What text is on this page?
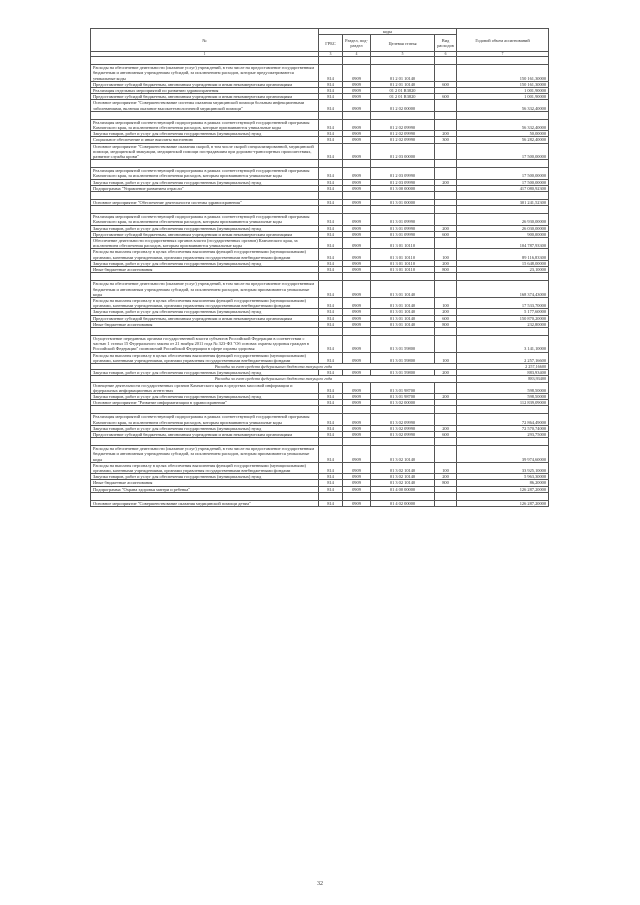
№	коды				Годовой объем ассигнований
	ГРБС	Раздел, под-раздел	Целевая статья	Вид расходов	
1	3	4	5	6	7

Расходы на обеспечение деятельности (оказание услуг) учреждений, в том числе на предоставление государственным бюджетным и автономным учреждениям субсидий, за исключением расходов, которые предусматриваются уникальные коды	814	0909	01 2 01 10140		150 161,30000
Предоставление субсидий бюджетным, автономным учреждениям и иным некоммерческим организациям	814	0909	01 2 01 10140	600	150 161,30000
Реализация отдельных мероприятий по развитию здравоохранения	814	0909	01 2 01 R3820		1 001,90000
Предоставление субсидий бюджетным, автономным учреждениям и иным некоммерческим организациям	814	0909	01 2 01 R3820	600	1 001,90000
Основное мероприятие "Совершенствование системы оказания медицинской помощи больным инфекционными заболеваниями, включая оказание высокотехнологичной медицинской помощи"	814	0909	01 2 02 00000		56 332,40000

Реализация мероприятий соответствующей подпрограммы в рамках соответствующей государственной программы Камчатского края, за исключением обеспечения расходов, которые присваиваются уникальные коды	814	0909	01 2 02 09990		56 332,40000
Закупка товаров, работ и услуг для обеспечения государственных (муниципальных) нужд	814	0909	01 2 02 09990	200	50,00000
Социальное обеспечение и иные выплаты населению	814	0909	01 2 02 09990	300	56 282,40000
Основное мероприятие "Совершенствование оказания скорой, в том числе скорой специализированной, медицинской помощи, медицинской эвакуации, медицинской помощи пострадавшим при дорожно-транспортных происшествиях, развитие службы крови"	814	0909	01 2 03 00000		17 500,00000

Реализация мероприятий соответствующей подпрограммы в рамках соответствующей государственной программы Камчатского края, за исключением обеспечения расходов, которым присваиваются уникальные коды	814	0909	01 2 03 09990		17 500,00000
Закупка товаров, работ и услуг для обеспечения государственных (муниципальных) нужд	814	0909	01 2 03 09990	200	17 500,00000
Подпрограмма "Управление развитием отрасли"	814	0909	01 3 00 00000		417 080,92300

Основное мероприятие "Обеспечение деятельности системы здравоохранения"	814	0909	01 3 01 00000		301 241,52300

Реализация мероприятий соответствующей подпрограммы в рамках соответствующей государственной программы Камчатского края, за исключением обеспечения расходов, которым присваиваются уникальные коды	814	0909	01 3 01 09990		26 930,00000
Закупка товаров, работ и услуг для обеспечения государственных (муниципальных) нужд	814	0909	01 3 01 09990	200	26 030,00000
Предоставление субсидий бюджетным, автономным учреждениям и иным некоммерческим организациям	814	0909	01 3 01 09990	600	900,00000
Обеспечение деятельности государственных органов власти (государственных органов) Камчатского края, за исключением обеспечения расходов, которым присваиваются уникальные коды	814	0909	01 3 01 10110		104 787,93300
Расходы на выплаты персоналу в целях обеспечения выполнения функций государственными (муниципальными) органами, казенными учреждениями, органами управления государственными внебюджетными фондами	814	0909	01 3 01 10110	100	89 116,83300
Закупка товаров, работ и услуг для обеспечения государственных (муниципальных) нужд	814	0909	01 3 01 10110	200	15 648,00000
Иные бюджетные ассигнования	814	0909	01 3 01 10110	800	23,10000

Расходы на обеспечение деятельности (оказание услуг) учреждений, в том числе на предоставление государственным бюджетным и автономным учреждениям субсидий, за исключением расходов, которым присваиваются уникальные коды	814	0909	01 3 01 10140		168 374,43000
Расходы на выплаты персоналу в целях обеспечения выполнения функций государственными (муниципальными) органами, казенными учреждениями, органами управления государственными внебюджетными фондами	814	0909	01 3 01 10140	100	17 533,70000
Закупка товаров, работ и услуг для обеспечения государственных (муниципальных) нужд	814	0909	01 3 01 10140	200	5 177,60000
Предоставление субсидий бюджетным, автономным учреждениям и иным некоммерческим организациям	814	0909	01 3 01 10140	600	150 870,20000
Иные бюджетные ассигнования	814	0909	01 3 01 10140	800	232,80000

Осуществление переданных органам государственной власти субъектов Российской Федерации в соответствии с частью 1 статьи 15 Федерального закона от 21 ноября 2011 года № 323-ФЗ "Об основах охраны здоровья граждан в Российской Федерации" полномочий Российской Федерации в сфере охраны здоровья	814	0909	01 3 01 59800		3 141,10000
Расходы на выплаты персоналу в целях обеспечения выполнения функций государственными (муниципальными) органами, казенными учреждениями, органами управления государственными внебюджетными фондами	814	0909	01 3 01 59800	100	2 257,16600
Расходы за счет средств федерального бюджета текущего года					2 257,16600
Закупка товаров, работ и услуг для обеспечения государственных (муниципальных) нужд	814	0909	01 3 01 59800	200	883,93400
Расходы за счет средств федерального бюджета текущего года					883,93400
Освещение деятельности государственных органов Камчатского края в средствах массовой информации и федеральных информационных агентствах	814	0909	01 3 01 98700		598,50000
Закупка товаров, работ и услуг для обеспечения государственных (муниципальных) нужд	814	0909	01 3 01 98700	200	598,50000
Основное мероприятие "Развитие информатизации в здравоохранении"	814	0909	01 3 02 00000		112 839,09000

Реализация мероприятий соответствующей подпрограммы в рамках соответствующей государственной программы Камчатского края, за исключением обеспечения расходов, которым присваиваются уникальные коды	814	0909	01 3 02 09990		72 864,49000
Закупка товаров, работ и услуг для обеспечения государственных (муниципальных) нужд	814	0909	01 3 02 09990	200	72 570,74000
Предоставление субсидий бюджетным, автономным учреждениям и иным некоммерческим организациям	814	0909	01 3 02 09990	600	293,75000

Расходы на обеспечение деятельности (оказание услуг) учреждений, в том числе на предоставление государственным бюджетным и автономным учреждениям субсидий, за исключением расходов, которым присваиваются уникальные коды	814	0909	01 3 02 10140		39 974,60000
Расходы на выплаты персоналу в целях обеспечения выполнения функций государственными (муниципальными) органами, казенными учреждениями, органами управления государственными внебюджетными фондами	814	0909	01 3 02 10140	100	33 925,10000
Закупка товаров, работ и услуг для обеспечения государственных (муниципальных) нужд	814	0909	01 3 02 10140	200	5 963,30000
Иные бюджетные ассигнования	814	0909	01 3 02 10140	800	86,20000
Подпрограмма "Охрана здоровья матери и ребенка"	814	0909	01 4 00 00000		126 287,20000

Основное мероприятие "Совершенствование оказания медицинской помощи детям"	814	0909	01 4 02 00000		126 287,20000
32
